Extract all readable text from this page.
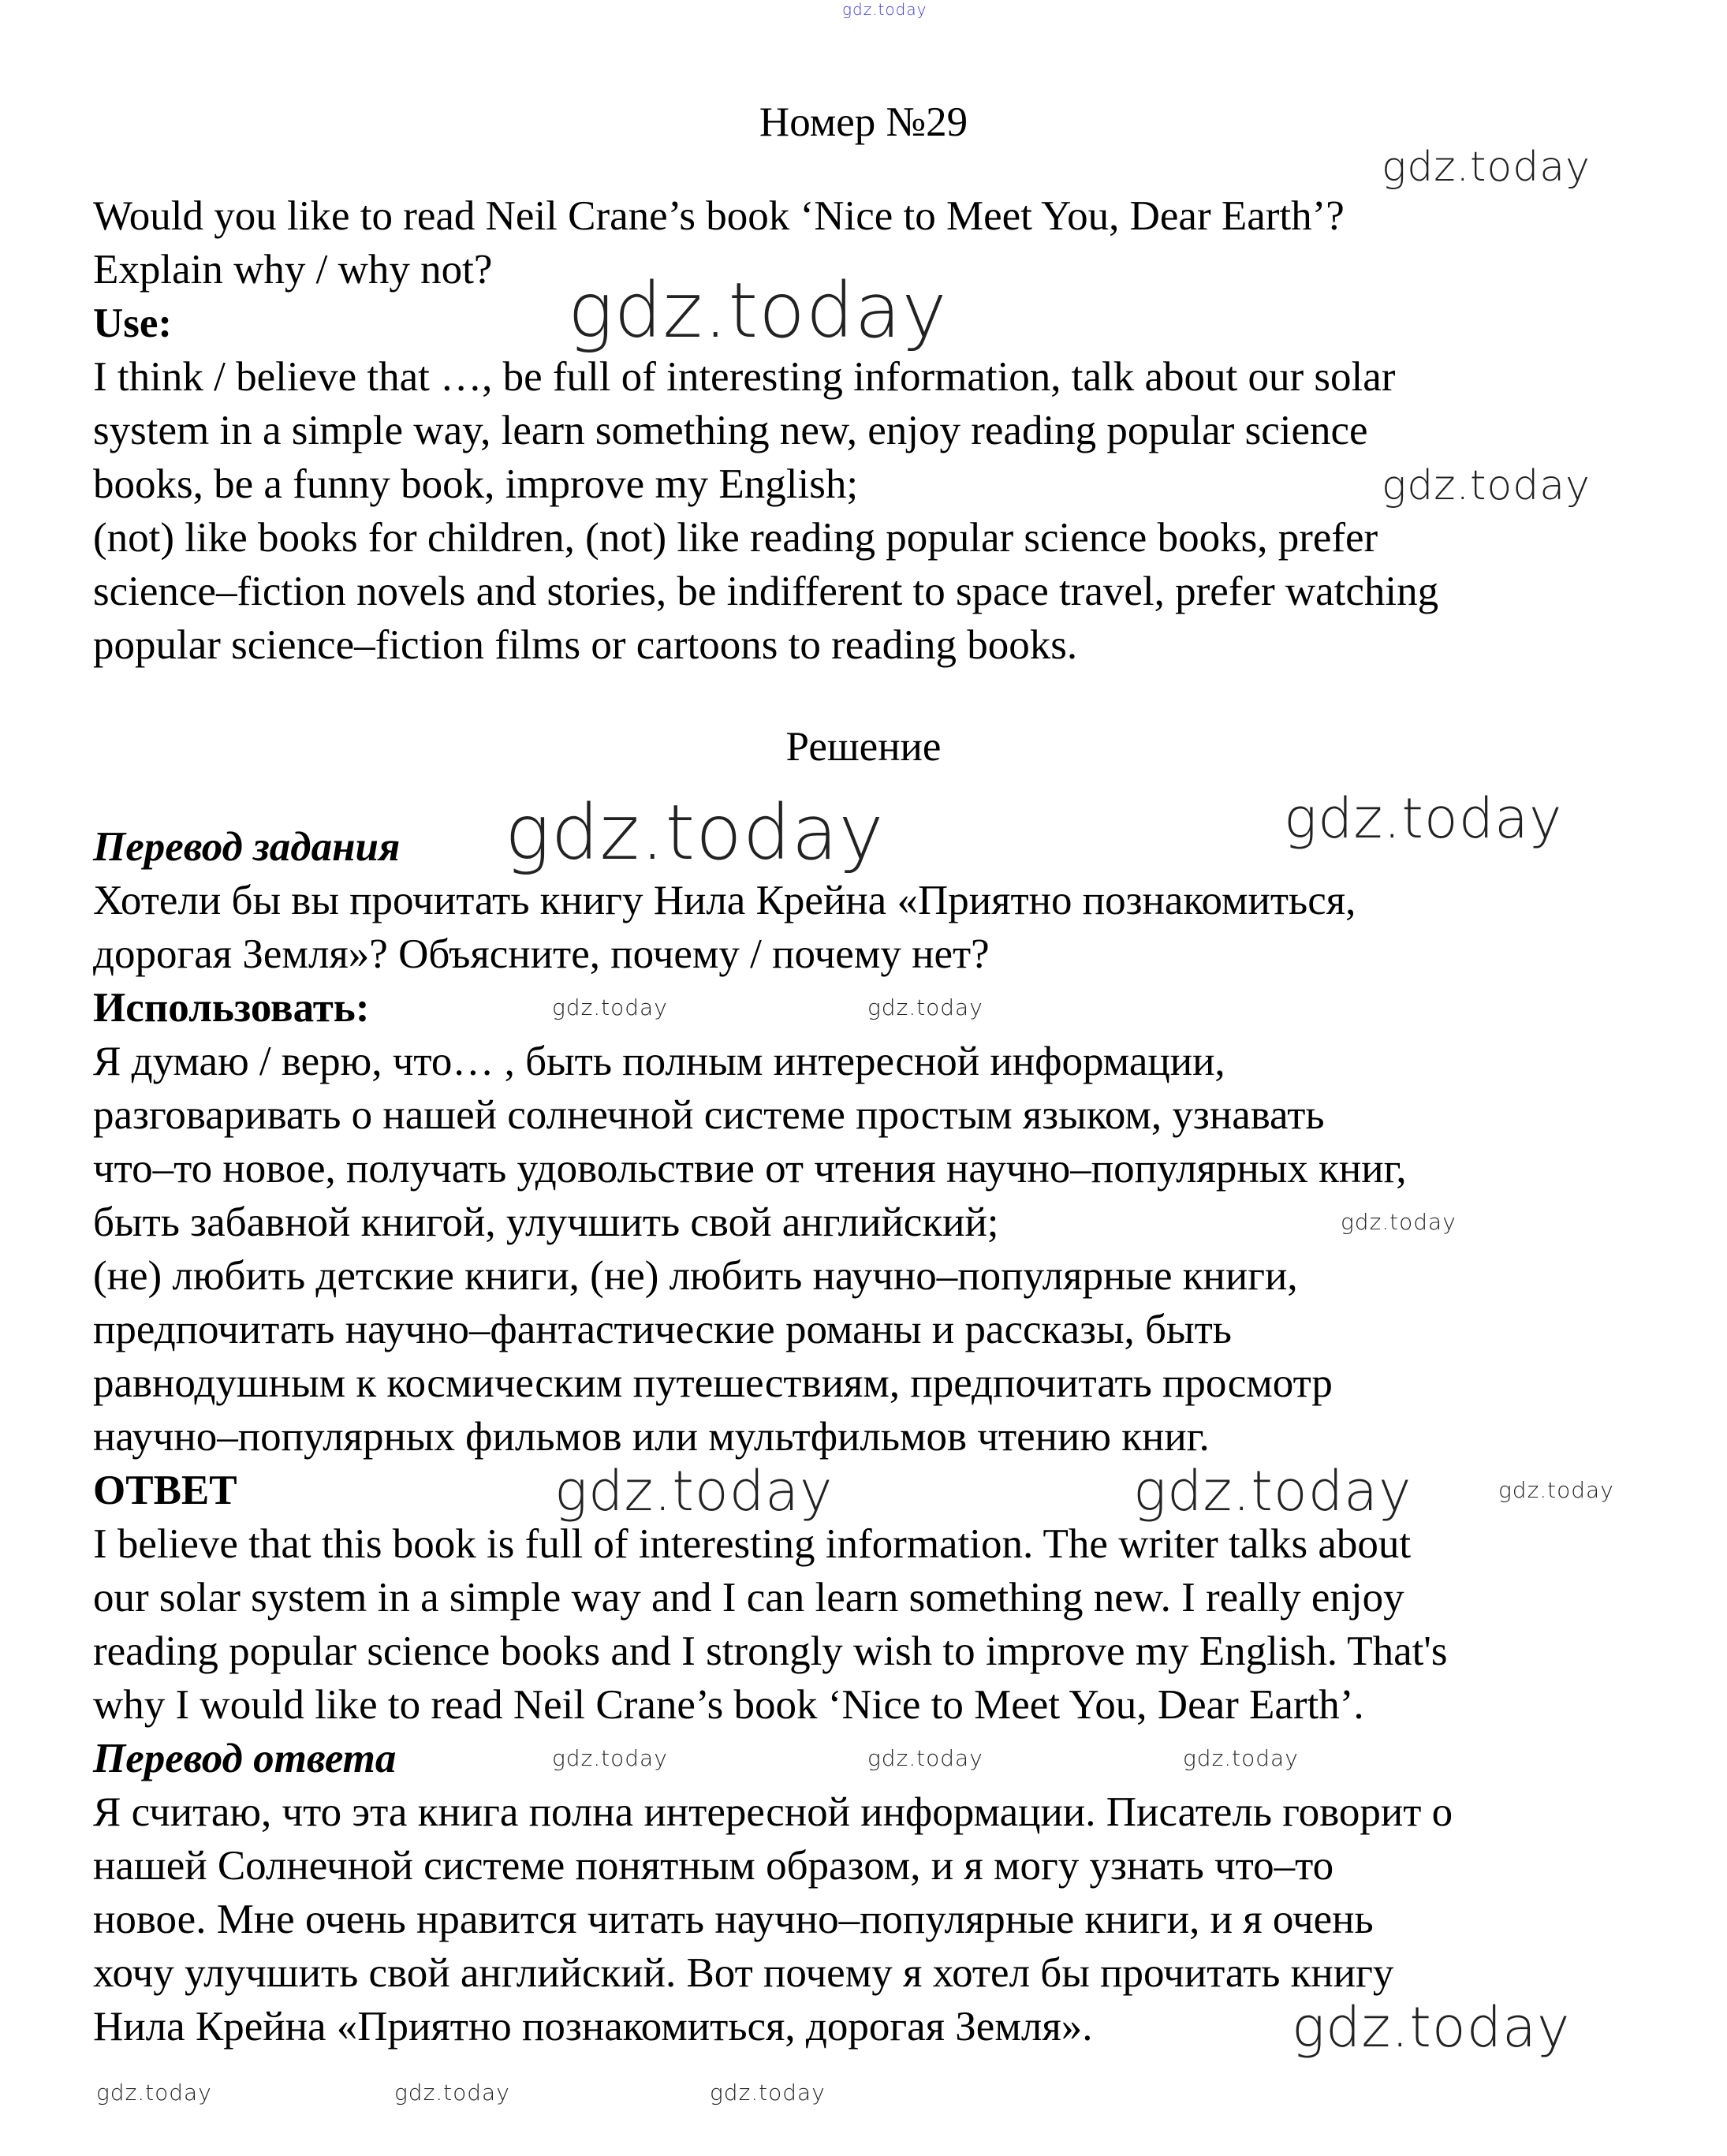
Номер №29
Would you like to read Neil Crane’s book ‘Nice to Meet You, Dear Earth’?
Explain why / why not?
Use:
I think / believe that …, be full of interesting information, talk about our solar
system in a simple way, learn something new, enjoy reading popular science
books, be a funny book, improve my English;
(not) like books for children, (not) like reading popular science books, prefer
science–fiction novels and stories, be indifferent to space travel, prefer watching
popular science–fiction films or cartoons to reading books.
Решение
Перевод задания
Хотели бы вы прочитать книгу Нила Крейна «Приятно познакомиться,
дорогая Земля»? Объясните, почему / почему нет?
Использовать:
Я думаю / верю, что… , быть полным интересной информации,
разговаривать о нашей солнечной системе простым языком, узнавать
что–то новое, получать удовольствие от чтения научно–популярных книг,
быть забавной книгой, улучшить свой английский;
(не) любить детские книги, (не) любить научно–популярные книги,
предпочитать научно–фантастические романы и рассказы, быть
равнодушным к космическим путешествиям, предпочитать просмотр
научно–популярных фильмов или мультфильмов чтению книг.
ОТВЕТ
I believe that this book is full of interesting information. The writer talks about
our solar system in a simple way and I can learn something new. I really enjoy
reading popular science books and I strongly wish to improve my English. That's
why I would like to read Neil Crane’s book ‘Nice to Meet You, Dear Earth’.
Перевод ответа
Я считаю, что эта книга полна интересной информации. Писатель говорит о
нашей Солнечной системе понятным образом, и я могу узнать что–то
новое. Мне очень нравится читать научно–популярные книги, и я очень
хочу улучшить свой английский. Вот почему я хотел бы прочитать книгу
Нила Крейна «Приятно познакомиться, дорогая Земля».
gdz.today
gdz.today
gdz.today	gdz.today
gdz.today
gdz.today
gdz.today	gdz.today
gdz.today
gdz.today
gdz.today	gdz.today
gdz.today
gdz.today	gdz.today	gdz.today
gdz.today	gdz.today	gdz.today
